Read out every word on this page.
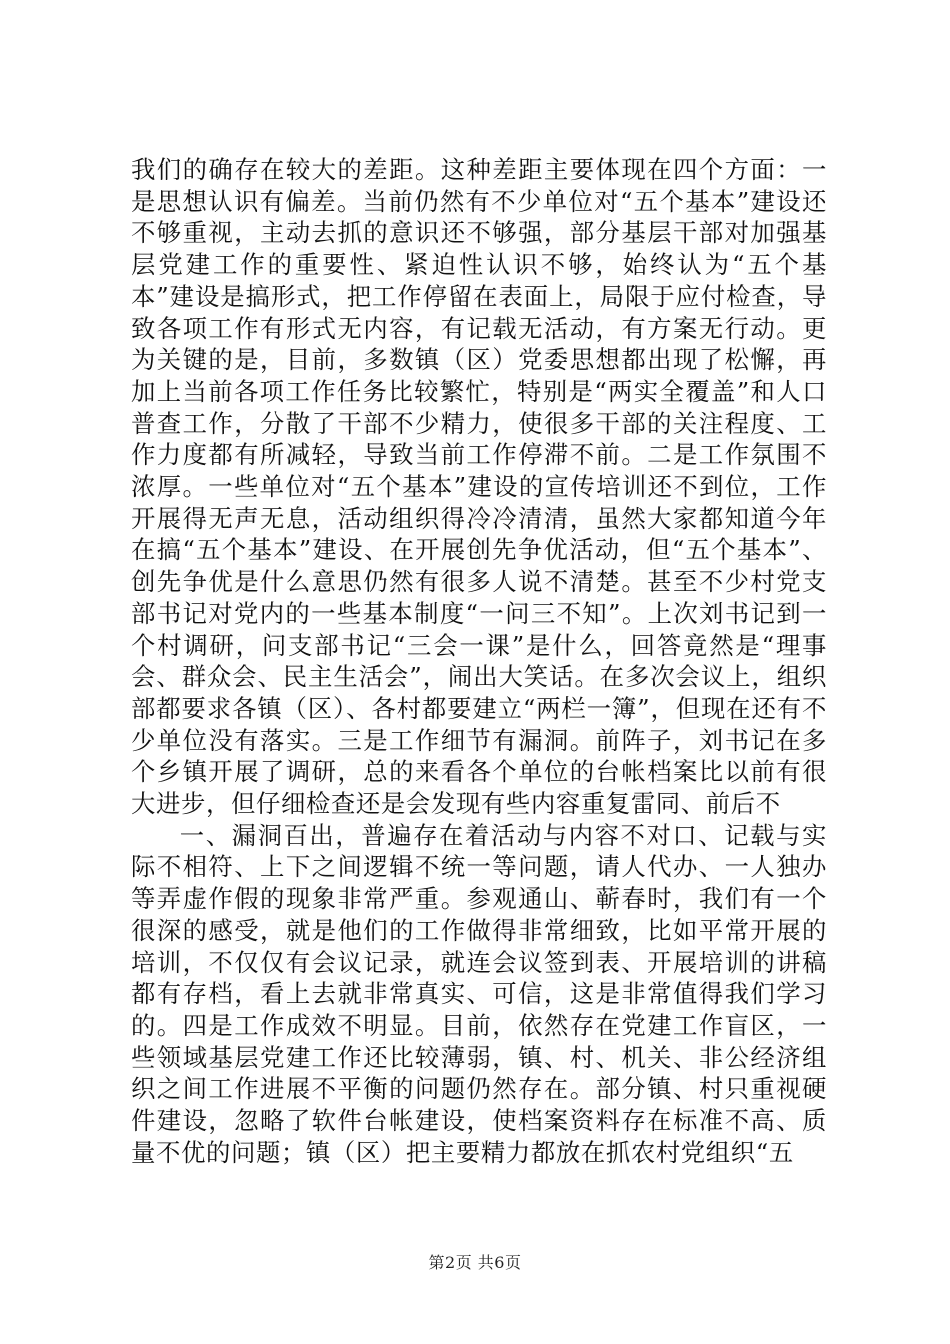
我们的确存在较大的差距。这种差距主要体现在四个方面：一是思想认识有偏差。当前仍然有不少单位对“五个基本”建设还不够重视，主动去抓的意识还不够强，部分基层干部对加强基层党建工作的重要性、紧迫性认识不够，始终认为“五个基本”建设是搞形式，把工作停留在表面上，局限于应付检查，导致各项工作有形式无内容，有记载无活动，有方案无行动。更为关键的是，目前，多数镇（区）党委思想都出现了松懈，再加上当前各项工作任务比较繁忙，特别是“两实全覆盖”和人口普查工作，分散了干部不少精力，使很多干部的关注程度、工作力度都有所减轻，导致当前工作停滞不前。二是工作氛围不浓厚。一些单位对“五个基本”建设的宣传培训还不到位，工作开展得无声无息，活动组织得冷冷清清，虽然大家都知道今年在搞“五个基本”建设、在开展创先争优活动，但“五个基本”、创先争优是什么意思仍然有很多人说不清楚。甚至不少村党支部书记对党内的一些基本制度“一问三不知”。上次刘书记到一个村调研，问支部书记“三会一课”是什么，回答竟然是“理事会、群众会、民主生活会”，闹出大笑话。在多次会议上，组织部都要求各镇（区）、各村都要建立“两栏一簿”，但现在还有不少单位没有落实。三是工作细节有漏洞。前阵子，刘书记在多个乡镇开展了调研，总的来看各个单位的台帐档案比以前有很大进步，但仔细检查还是会发现有些内容重复雷同、前后不

一、漏洞百出，普遍存在着活动与内容不对口、记载与实际不相符、上下之间逻辑不统一等问题，请人代办、一人独办等弄虚作假的现象非常严重。参观通山、蕲春时，我们有一个很深的感受，就是他们的工作做得非常细致，比如平常开展的培训，不仅仅有会议记录，就连会议签到表、开展培训的讲稿都有存档，看上去就非常真实、可信，这是非常值得我们学习的。四是工作成效不明显。目前，依然存在党建工作盲区，一些领域基层党建工作还比较薄弱，镇、村、机关、非公经济组织之间工作进展不平衡的问题仍然存在。部分镇、村只重视硬件建设，忽略了软件台帐建设，使档案资料存在标准不高、质量不优的问题；镇（区）把主要精力都放在抓农村党组织“五

第2页 共6页
